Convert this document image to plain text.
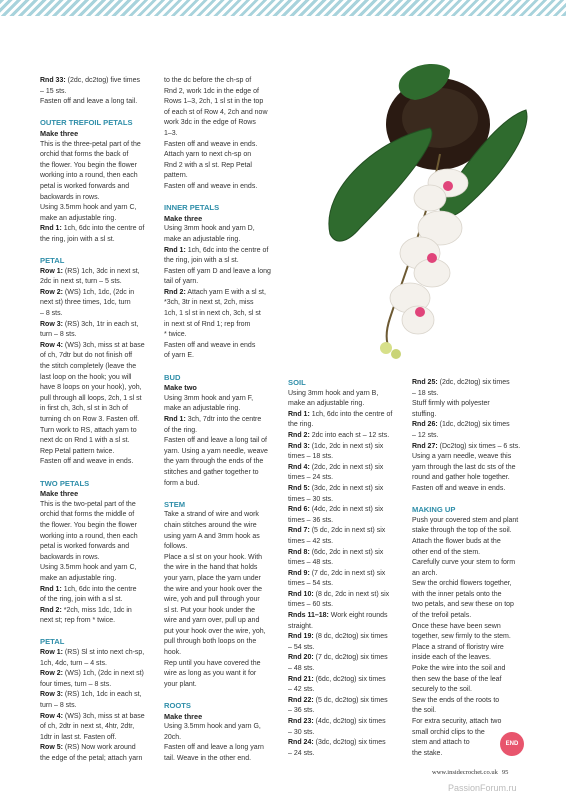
Rnd 33: (2dc, dc2tog) five times

– 15 sts.

Fasten off and leave a long tail.

OUTER TREFOIL PETALS
Make three

This is the three-petal part of the

orchid that forms the back of

the flower. You begin the flower

working into a round, then each

petal is worked forwards and

backwards in rows.

Using 3.5mm hook and yarn C,

make an adjustable ring.

Rnd 1: 1ch, 6dc into the centre of

the ring, join with a sl st.

PETAL

Row 1: (RS) 1ch, 3dc in next st,

2dc in next st, turn – 5 sts.

Row 2: (WS) 1ch, 1dc, (2dc in

next st) three times, 1dc, turn

– 8 sts.

Row 3: (RS) 3ch, 1tr in each st,

turn – 8 sts.

Row 4: (WS) 3ch, miss st at base

of ch, 7dtr but do not finish off

the stitch completely (leave the

last loop on the hook; you will

have 8 loops on your hook), yoh,

pull through all loops, 2ch, 1 sl st

in first ch, 3ch, sl st in 3ch of

turning ch on Row 3. Fasten off.

Turn work to RS, attach yarn to

next dc on Rnd 1 with a sl st.

Rep Petal pattern twice.

Fasten off and weave in ends.

TWO PETALS
Make three

This is the two-petal part of the

orchid that forms the middle of

the flower. You begin the flower

working into a round, then each

petal is worked forwards and

backwards in rows.

Using 3.5mm hook and yarn C,

make an adjustable ring.

Rnd 1: 1ch, 6dc into the centre

of the ring, join with a sl st.

Rnd 2: *2ch, miss 1dc, 1dc in

next st; rep from * twice.

PETAL

Row 1: (RS) Sl st into next ch-sp,

1ch, 4dc, turn – 4 sts.

Row 2: (WS) 1ch, (2dc in next st)

four times, turn – 8 sts.

Row 3: (RS) 1ch, 1dc in each st,

turn – 8 sts.

Row 4: (WS) 3ch, miss st at base

of ch, 2dtr in next st, 4htr, 2dtr,

1dtr in last st. Fasten off.

Row 5: (RS) Now work around

the edge of the petal; attach yarn

to the dc before the ch-sp of

Rnd 2, work 1dc in the edge of

Rows 1–3, 2ch, 1 sl st in the top

of each st of Row 4, 2ch and now

work 3dc in the edge of Rows

1–3.

Fasten off and weave in ends.

Attach yarn to next ch-sp on

Rnd 2 with a sl st. Rep Petal

pattern.

Fasten off and weave in ends.

INNER PETALS
Make three

Using 3mm hook and yarn D,

make an adjustable ring.

Rnd 1: 1ch, 6dc into the centre of

the ring, join with a sl st.

Fasten off yarn D and leave a long

tail of yarn.

Rnd 2: Attach yarn E with a sl st,

*3ch, 3tr in next st, 2ch, miss

1ch, 1 sl st in next ch, 3ch, sl st

in next st of Rnd 1; rep from

* twice.

Fasten off and weave in ends

of yarn E.

BUD
Make two

Using 3mm hook and yarn F,

make an adjustable ring.

Rnd 1: 3ch, 7dtr into the centre

of the ring.

Fasten off and leave a long tail of

yarn. Using a yarn needle, weave

the yarn through the ends of the

stitches and gather together to

form a bud.

STEM

Take a strand of wire and work

chain stitches around the wire

using yarn A and 3mm hook as

follows.

Place a sl st on your hook. With

the wire in the hand that holds

your yarn, place the yarn under

the wire and your hook over the

wire, yoh and pull through your

sl st. Put your hook under the

wire and yarn over, pull up and

put your hook over the wire, yoh,

pull through both loops on the

hook.

Rep until you have covered the

wire as long as you want it for

your plant.

ROOTS
Make three

Using 3.5mm hook and yarn G,

20ch.

Fasten off and leave a long yarn

tail. Weave in the other end.

SOIL

Using 3mm hook and yarn B,

make an adjustable ring.

Rnd 1: 1ch, 6dc into the centre of

the ring.

Rnd 2: 2dc into each st – 12 sts.

Rnd 3: (1dc, 2dc in next st) six

times – 18 sts.

Rnd 4: (2dc, 2dc in next st) six

times – 24 sts.

Rnd 5: (3dc, 2dc in next st) six

times – 30 sts.

Rnd 6: (4dc, 2dc in next st) six

times – 36 sts.

Rnd 7: (5 dc, 2dc in next st) six

times – 42 sts.

Rnd 8: (6dc, 2dc in next st) six

times – 48 sts.

Rnd 9: (7 dc, 2dc in next st) six

times – 54 sts.

Rnd 10: (8 dc, 2dc in next st) six

times – 60 sts.

Rnds 11–18: Work eight rounds

straight.

Rnd 19: (8 dc, dc2tog) six times

– 54 sts.

Rnd 20: (7 dc, dc2tog) six times

– 48 sts.

Rnd 21: (6dc, dc2tog) six times

– 42 sts.

Rnd 22: (5 dc, dc2tog) six times

– 36 sts.

Rnd 23: (4dc, dc2tog) six times

– 30 sts.

Rnd 24: (3dc, dc2tog) six times

– 24 sts.

Rnd 25: (2dc, dc2tog) six times

– 18 sts.

Stuff firmly with polyester

stuffing.

Rnd 26: (1dc, dc2tog) six times

– 12 sts.

Rnd 27: (Dc2tog) six times – 6 sts.

Using a yarn needle, weave this

yarn through the last dc sts of the

round and gather hole together.

Fasten off and weave in ends.

MAKING UP

Push your covered stem and plant

stake through the top of the soil.

Attach the flower buds at the

other end of the stem.

Carefully curve your stem to form

an arch.

Sew the orchid flowers together,

with the inner petals onto the

two petals, and sew these on top

of the trefoil petals.

Once these have been sewn

together, sew firmly to the stem.

Place a strand of floristry wire

inside each of the leaves.

Poke the wire into the soil and

then sew the base of the leaf

securely to the soil.

Sew the ends of the roots to

the soil.

For extra security, attach two

small orchid clips to the

stem and attach to

the stake.

END
www.insidecrochet.co.uk 95
PassionForum.ru
